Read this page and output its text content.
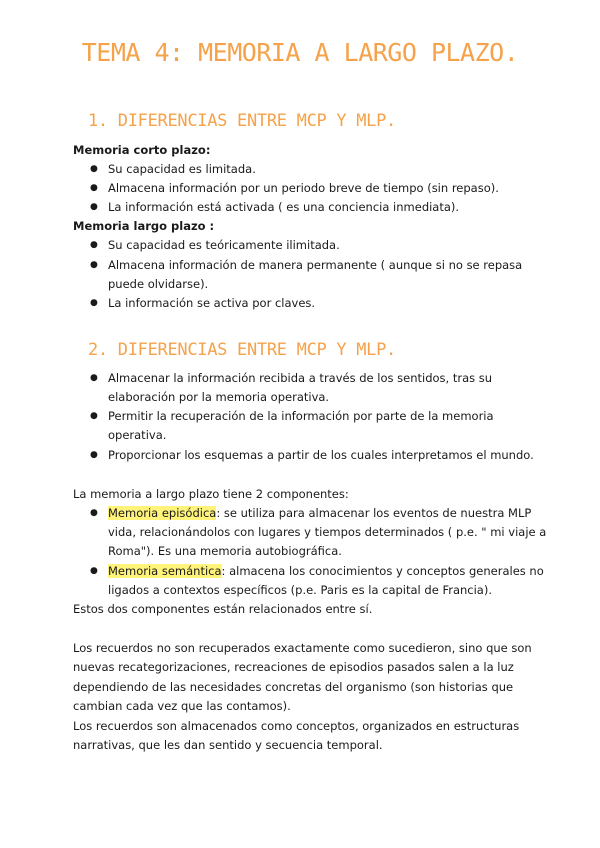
TEMA 4: MEMORIA A LARGO PLAZO.
1. DIFERENCIAS ENTRE MCP Y MLP.
Memoria corto plazo:
● Su capacidad es limitada.
● Almacena información por un periodo breve de tiempo (sin repaso).
● La información está activada ( es una conciencia inmediata).
Memoria largo plazo :
● Su capacidad es teóricamente ilimitada.
● Almacena información de manera permanente ( aunque si no se repasa
puede olvidarse).
● La información se activa por claves.
2. DIFERENCIAS ENTRE MCP Y MLP.
● Almacenar la información recibida a través de los sentidos, tras su
elaboración por la memoria operativa.
● Permitir la recuperación de la información por parte de la memoria
operativa.
● Proporcionar los esquemas a partir de los cuales interpretamos el mundo.
La memoria a largo plazo tiene 2 componentes:
● Memoria episódica: se utiliza para almacenar los eventos de nuestra MLP
vida, relacionándolos con lugares y tiempos determinados ( p.e. " mi viaje a
Roma"). Es una memoria autobiográfica.
● Memoria semántica: almacena los conocimientos y conceptos generales no
ligados a contextos específicos (p.e. Paris es la capital de Francia).
Estos dos componentes están relacionados entre sí.
Los recuerdos no son recuperados exactamente como sucedieron, sino que son
nuevas recategorizaciones, recreaciones de episodios pasados salen a la luz
dependiendo de las necesidades concretas del organismo (son historias que
cambian cada vez que las contamos).
Los recuerdos son almacenados como conceptos, organizados en estructuras
narrativas, que les dan sentido y secuencia temporal.
